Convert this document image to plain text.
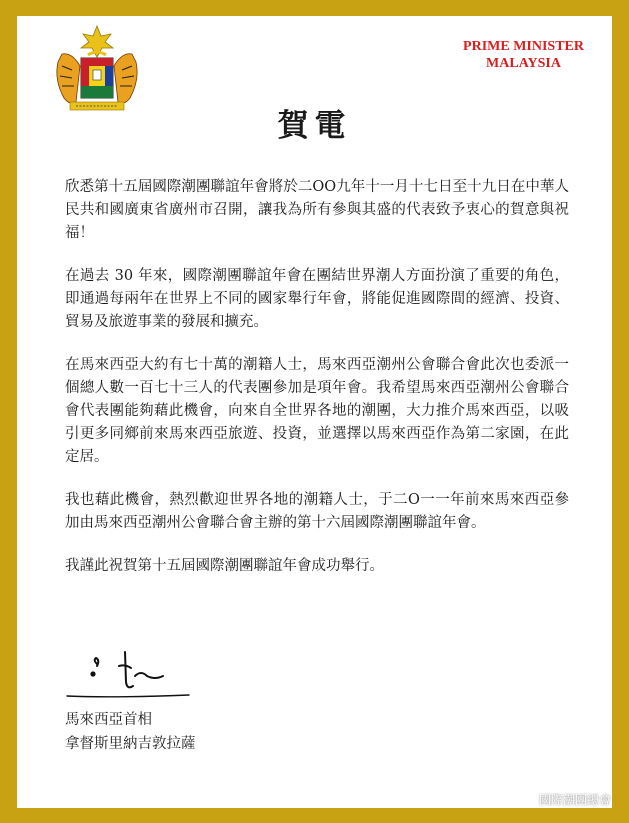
PRIME MINISTER
MALAYSIA
賀電

欣悉第十五屆國際潮團聯誼年會將於二OO九年十一月十七日至十九日在中華人民共和國廣東省廣州市召開，讓我為所有參與其盛的代表致予衷心的賀意與祝福！

在過去 30 年來，國際潮團聯誼年會在團結世界潮人方面扮演了重要的角色，即通過每兩年在世界上不同的國家舉行年會，將能促進國際間的經濟、投資、貿易及旅遊事業的發展和擴充。

在馬來西亞大約有七十萬的潮籍人士，馬來西亞潮州公會聯合會此次也委派一個總人數一百七十三人的代表團參加是項年會。我希望馬來西亞潮州公會聯合會代表團能夠藉此機會，向來自全世界各地的潮團，大力推介馬來西亞，以吸引更多同鄉前來馬來西亞旅遊、投資，並選擇以馬來西亞作為第二家園，在此定居。

我也藉此機會，熱烈歡迎世界各地的潮籍人士，于二O一一年前來馬來西亞參加由馬來西亞潮州公會聯合會主辦的第十六屆國際潮團聯誼年會。

我謹此祝賀第十五屆國際潮團聯誼年會成功舉行。

馬來西亞首相
拿督斯里納吉敦拉薩
國際潮團總會
